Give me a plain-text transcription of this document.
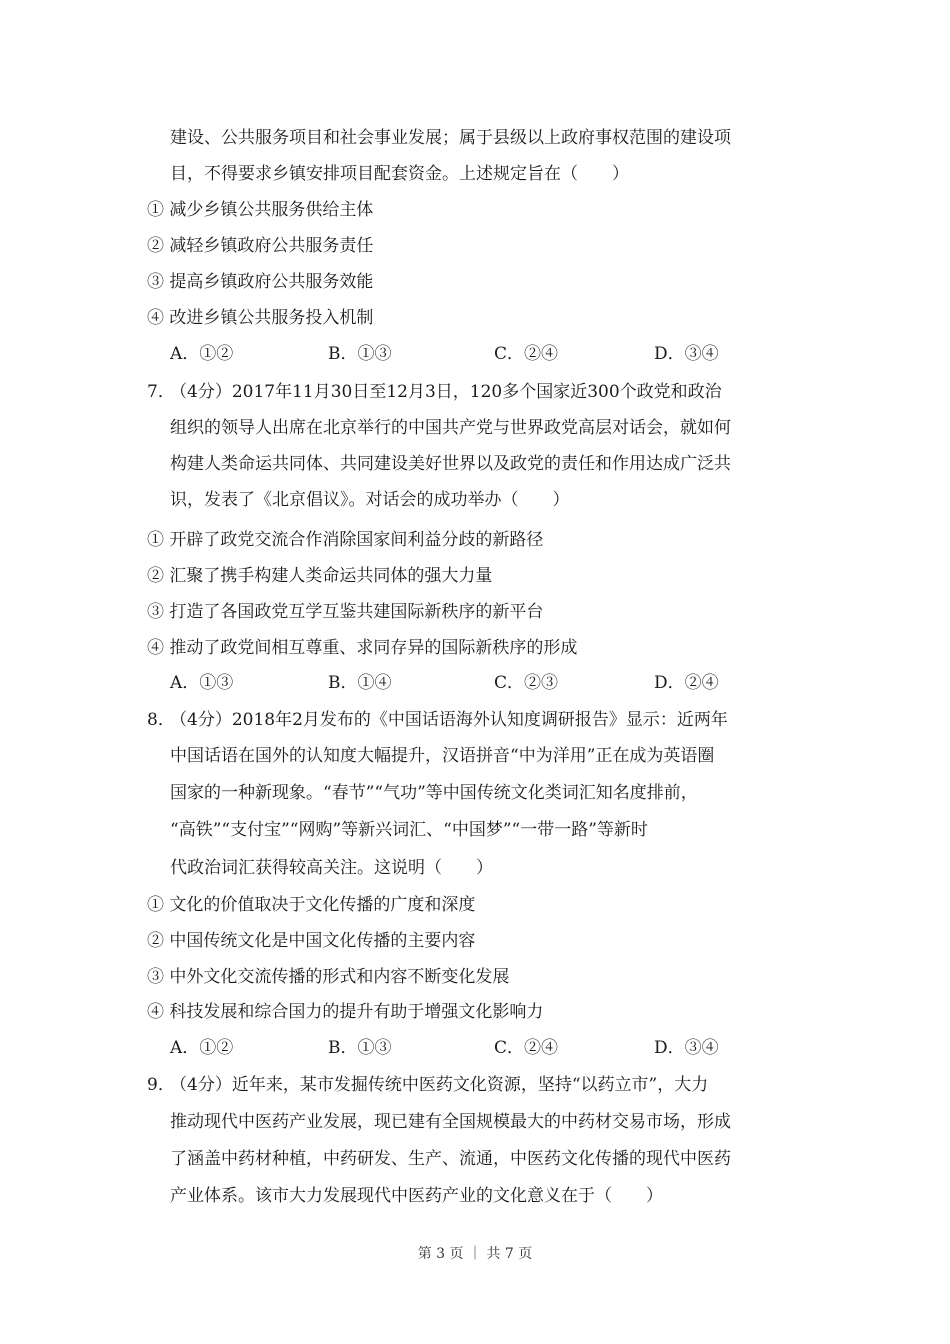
建设、公共服务项目和社会事业发展；属于县级以上政府事权范围的建设项
目，不得要求乡镇安排项目配套资金。上述规定旨在（　　）
① 减少乡镇公共服务供给主体
② 减轻乡镇政府公共服务责任
③ 提高乡镇政府公共服务效能
④ 改进乡镇公共服务投入机制
A．①②	B．①③	C．②④	D．③④
7．
（4分）2017年11月30日至12月3日，120多个国家近300个政党和政治
组织的领导人出席在北京举行的中国共产党与世界政党高层对话会，就如何
构建人类命运共同体、共同建设美好世界以及政党的责任和作用达成广泛共
识，发表了《北京倡议》。对话会的成功举办（　　）
① 开辟了政党交流合作消除国家间利益分歧的新路径
② 汇聚了携手构建人类命运共同体的强大力量
③ 打造了各国政党互学互鉴共建国际新秩序的新平台
④ 推动了政党间相互尊重、求同存异的国际新秩序的形成
A．①③	B．①④	C．②③	D．②④
8．
（4分）2018年2月发布的《中国话语海外认知度调研报告》显示：近两年
中国话语在国外的认知度大幅提升，汉语拼音“中为洋用”正在成为英语圈
国家的一种新现象。“春节”“气功”等中国传统文化类词汇知名度排前，
“高铁”“支付宝”“网购”等新兴词汇、“中国梦”“一带一路”等新时
代政治词汇获得较高关注。这说明（　　）
① 文化的价值取决于文化传播的广度和深度
② 中国传统文化是中国文化传播的主要内容
③ 中外文化交流传播的形式和内容不断变化发展
④ 科技发展和综合国力的提升有助于增强文化影响力
A．①②	B．①③	C．②④	D．③④
9．
（4分）近年来，某市发掘传统中医药文化资源，坚持“以药立市”，大力
推动现代中医药产业发展，现已建有全国规模最大的中药材交易市场，形成
了涵盖中药材种植，中药研发、生产、流通，中医药文化传播的现代中医药
产业体系。该市大力发展现代中医药产业的文化意义在于（　　）
第 3 页 ｜ 共 7 页
